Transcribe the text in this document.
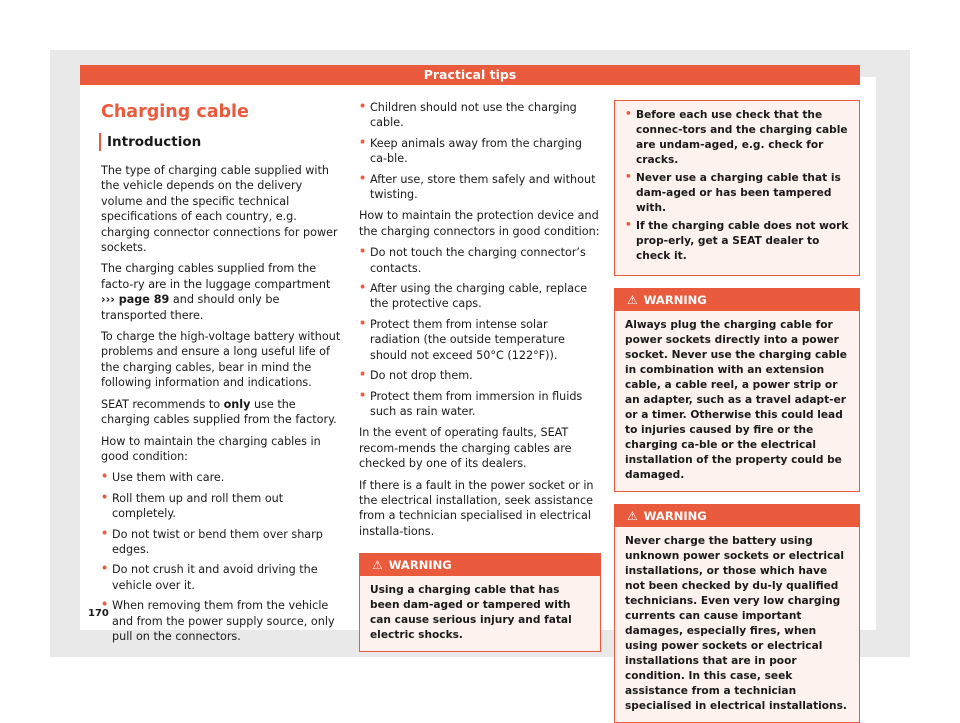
Practical tips
Charging cable
Introduction

The type of charging cable supplied with the vehicle depends on the delivery volume and the specific technical specifications of each country, e.g. charging connector connections for power sockets.

The charging cables supplied from the facto-ry are in the luggage compartment
››› page 89 and should only be transported there.

To charge the high-voltage battery without problems and ensure a long useful life of the charging cables, bear in mind the following information and indications.

SEAT recommends to only use the charging cables supplied from the factory.

How to maintain the charging cables in good condition:

• Use them with care.
• Roll them up and roll them out completely.
• Do not twist or bend them over sharp edges.
• Do not crush it and avoid driving the vehicle over it.
• When removing them from the vehicle and from the power supply source, only pull on the connectors.
• Children should not use the charging cable.
• Keep animals away from the charging ca-ble.
• After use, store them safely and without twisting.

How to maintain the protection device and the charging connectors in good condition:

• Do not touch the charging connector’s contacts.
• After using the charging cable, replace the protective caps.
• Protect them from intense solar radiation (the outside temperature should not exceed 50°C (122°F)).
• Do not drop them.
• Protect them from immersion in fluids such as rain water.

In the event of operating faults, SEAT recom-mends the charging cables are checked by one of its dealers.

If there is a fault in the power socket or in the electrical installation, seek assistance from a technician specialised in electrical installa-tions.

⚠ WARNING
Using a charging cable that has been dam-aged or tampered with can cause serious injury and fatal electric shocks.
• Before each use check that the connec-tors and the charging cable are undam-aged, e.g. check for cracks.
• Never use a charging cable that is dam-aged or has been tampered with.
• If the charging cable does not work prop-erly, get a SEAT dealer to check it.
⚠ WARNING
Always plug the charging cable for power sockets directly into a power socket. Never use the charging cable in combination with an extension cable, a cable reel, a power strip or an adapter, such as a travel adapt-er or a timer. Otherwise this could lead to injuries caused by fire or the charging ca-ble or the electrical installation of the property could be damaged.
⚠ WARNING
Never charge the battery using unknown power sockets or electrical installations, or those which have not been checked by du-ly qualified technicians. Even very low charging currents can cause important damages, especially fires, when using power sockets or electrical installations that are in poor condition. In this case, seek assistance from a technician specialised in electrical installations.
170
